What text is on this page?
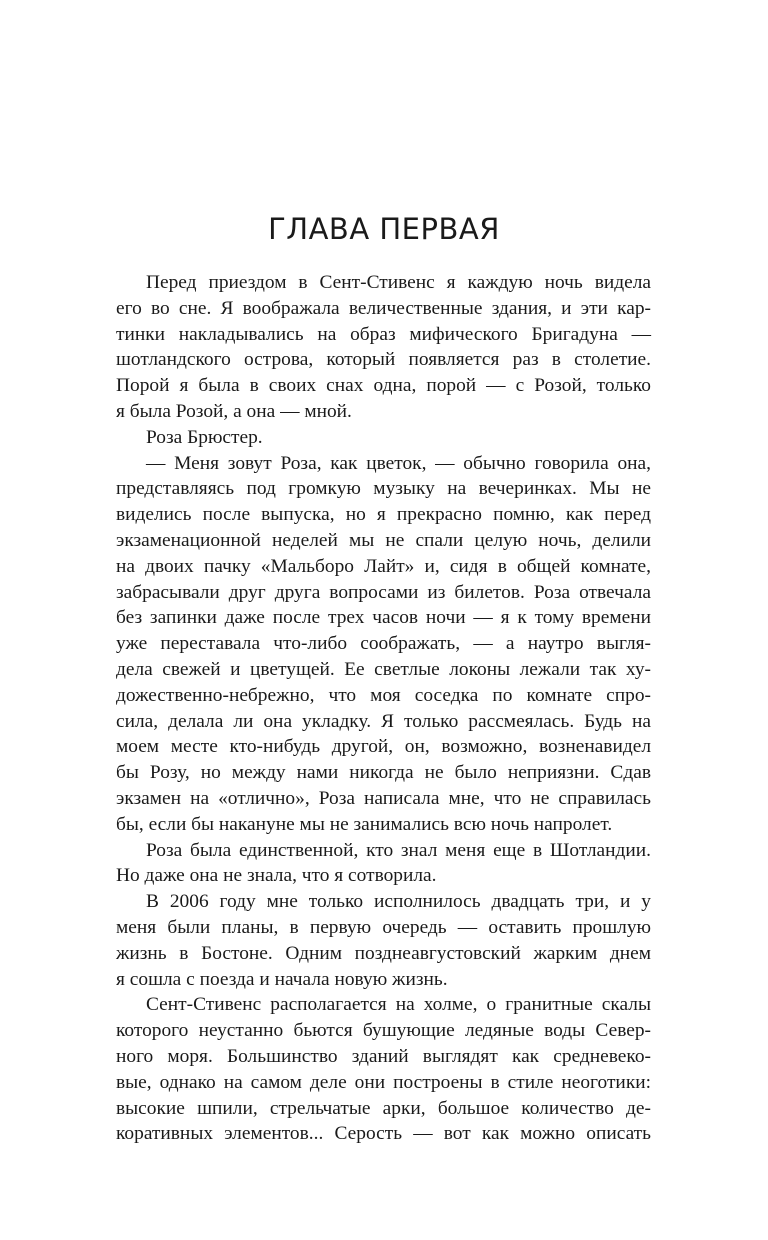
ГЛАВА ПЕРВАЯ
Перед приездом в Сент-Стивенс я каждую ночь видела
его во сне. Я воображала величественные здания, и эти кар-
тинки накладывались на образ мифического Бригадуна —
шотландского острова, который появляется раз в столетие.
Порой я была в своих снах одна, порой — с Розой, только
я была Розой, а она — мной.
Роза Брюстер.
— Меня зовут Роза, как цветок, — обычно говорила она,
представляясь под громкую музыку на вечеринках. Мы не
виделись после выпуска, но я прекрасно помню, как перед
экзаменационной неделей мы не спали целую ночь, делили
на двоих пачку «Мальборо Лайт» и, сидя в общей комнате,
забрасывали друг друга вопросами из билетов. Роза отвечала
без запинки даже после трех часов ночи — я к тому времени
уже переставала что-либо соображать, — а наутро выгля-
дела свежей и цветущей. Ее светлые локоны лежали так ху-
дожественно-небрежно, что моя соседка по комнате спро-
сила, делала ли она укладку. Я только рассмеялась. Будь на
моем месте кто-нибудь другой, он, возможно, возненавидел
бы Розу, но между нами никогда не было неприязни. Сдав
экзамен на «отлично», Роза написала мне, что не справилась
бы, если бы накануне мы не занимались всю ночь напролет.
Роза была единственной, кто знал меня еще в Шотландии.
Но даже она не знала, что я сотворила.
В 2006 году мне только исполнилось двадцать три, и у
меня были планы, в первую очередь — оставить прошлую
жизнь в Бостоне. Одним позднеавгустовский жарким днем
я сошла с поезда и начала новую жизнь.
Сент-Стивенс располагается на холме, о гранитные скалы
которого неустанно бьются бушующие ледяные воды Север-
ного моря. Большинство зданий выглядят как средневеко-
вые, однако на самом деле они построены в стиле неоготики:
высокие шпили, стрельчатые арки, большое количество де-
коративных элементов... Серость — вот как можно описать
